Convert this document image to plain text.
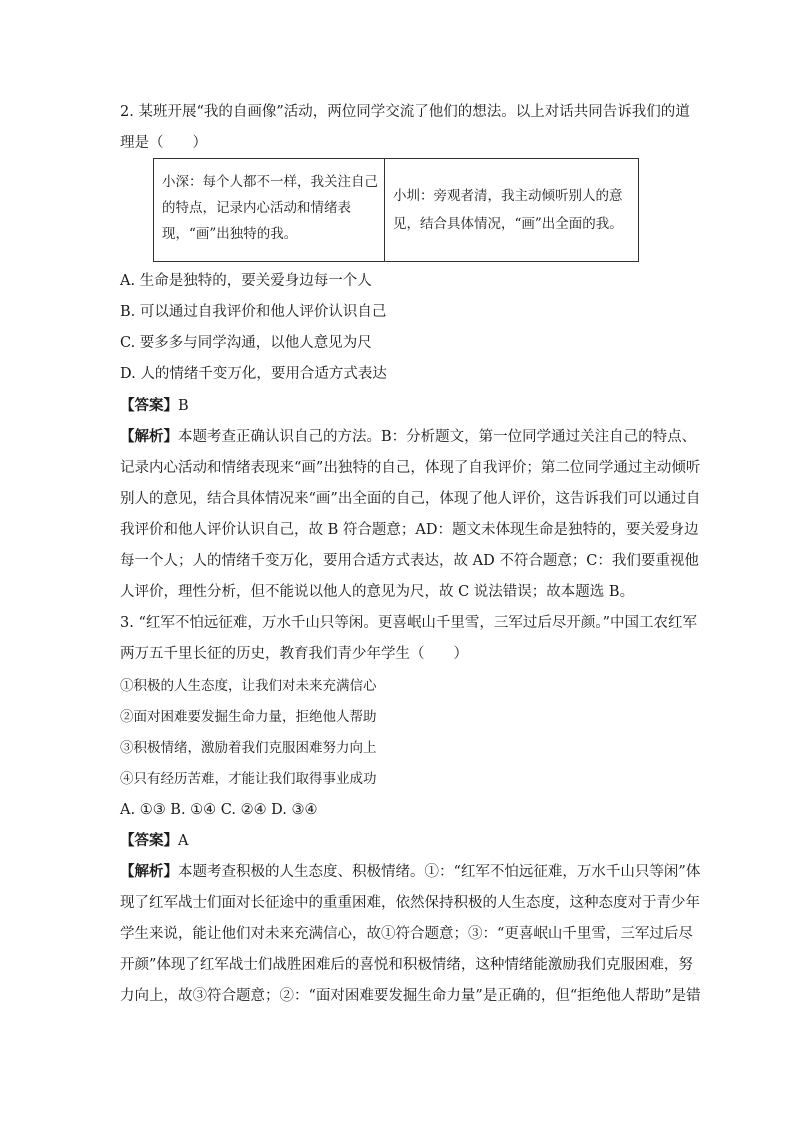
2. 某班开展“我的自画像”活动，两位同学交流了他们的想法。以上对话共同告诉我们的道
理是（　　）
小深：每个人都不一样，我关注自己的特点，记录内心活动和情绪表现，“画”出独特的我。
小圳：旁观者清，我主动倾听别人的意见，结合具体情况，“画”出全面的我。
A. 生命是独特的，要关爱身边每一个人
B. 可以通过自我评价和他人评价认识自己
C. 要多多与同学沟通，以他人意见为尺
D. 人的情绪千变万化，要用合适方式表达
【答案】B
【解析】本题考查正确认识自己的方法。B：分析题文，第一位同学通过关注自己的特点、
记录内心活动和情绪表现来“画”出独特的自己，体现了自我评价；第二位同学通过主动倾听
别人的意见，结合具体情况来“画”出全面的自己，体现了他人评价，这告诉我们可以通过自
我评价和他人评价认识自己，故 B 符合题意；AD：题文未体现生命是独特的，要关爱身边
每一个人；人的情绪千变万化，要用合适方式表达，故 AD 不符合题意；C：我们要重视他
人评价，理性分析，但不能说以他人的意见为尺，故 C 说法错误；故本题选 B。
3. “红军不怕远征难，万水千山只等闲。更喜岷山千里雪，三军过后尽开颜。”中国工农红军
两万五千里长征的历史，教育我们青少年学生（　　）
①积极的人生态度，让我们对未来充满信心
②面对困难要发掘生命力量，拒绝他人帮助
③积极情绪，激励着我们克服困难努力向上
④只有经历苦难，才能让我们取得事业成功
A. ①③ B. ①④ C. ②④ D. ③④
【答案】A
【解析】本题考查积极的人生态度、积极情绪。①：“红军不怕远征难，万水千山只等闲”体
现了红军战士们面对长征途中的重重困难，依然保持积极的人生态度，这种态度对于青少年
学生来说，能让他们对未来充满信心，故①符合题意；③：“更喜岷山千里雪，三军过后尽
开颜”体现了红军战士们战胜困难后的喜悦和积极情绪，这种情绪能激励我们克服困难，努
力向上，故③符合题意；②：“面对困难要发掘生命力量”是正确的，但“拒绝他人帮助”是错
